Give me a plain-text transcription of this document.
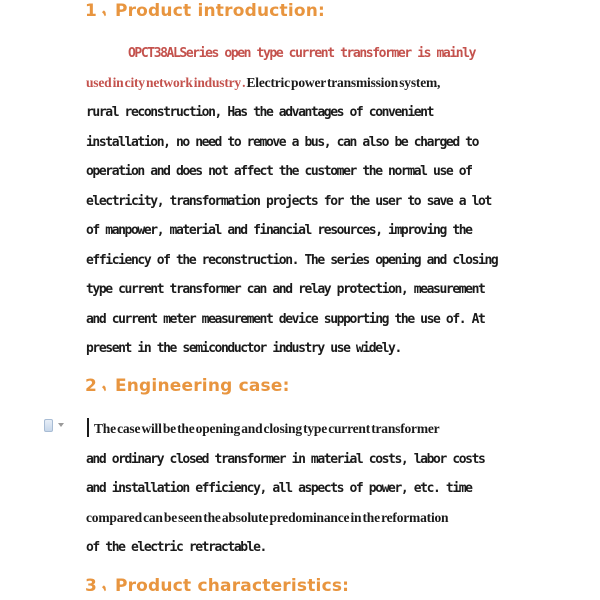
1, Product introduction:
OPCT38ALSeries open type current transformer is mainly
used in city network industry . Electric power transmission system,
rural reconstruction, Has the advantages of convenient
installation, no need to remove a bus, can also be charged to
operation and does not affect the customer the normal use of
electricity, transformation projects for the user to save a lot
of manpower, material and financial resources, improving the
efficiency of the reconstruction. The series opening and closing
type current transformer can and relay protection, measurement
and current meter measurement device supporting the use of. At
present in the semiconductor industry use widely.
2, Engineering case:
The case will be the opening and closing type current transformer
and ordinary closed transformer in material costs, labor costs
and installation efficiency, all aspects of power, etc. time
compared can be seen the absolute predominance in the reformation
of the electric retractable.
3, Product characteristics:
